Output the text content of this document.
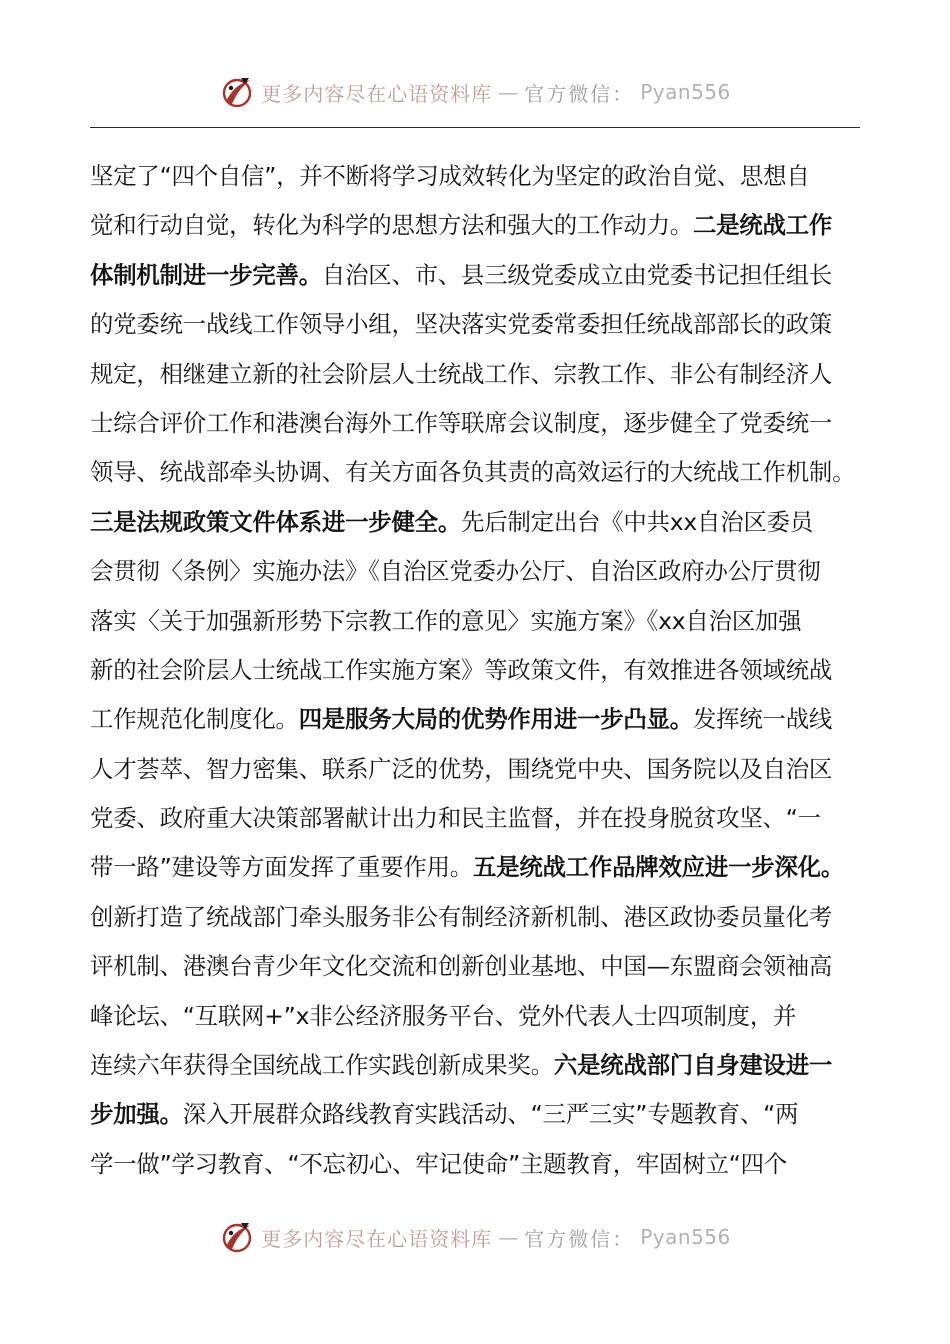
更多内容尽在心语资料库 — 官方微信： Pyan556
坚定了“四个自信”，并不断将学习成效转化为坚定的政治自觉、思想自
觉和行动自觉，转化为科学的思想方法和强大的工作动力。二是统战工作
体制机制进一步完善。自治区、市、县三级党委成立由党委书记担任组长
的党委统一战线工作领导小组，坚决落实党委常委担任统战部部长的政策
规定，相继建立新的社会阶层人士统战工作、宗教工作、非公有制经济人
士综合评价工作和港澳台海外工作等联席会议制度，逐步健全了党委统一
领导、统战部牵头协调、有关方面各负其责的高效运行的大统战工作机制。
三是法规政策文件体系进一步健全。先后制定出台《中共xx自治区委员
会贯彻〈条例〉实施办法》《自治区党委办公厅、自治区政府办公厅贯彻
落实〈关于加强新形势下宗教工作的意见〉实施方案》《xx自治区加强
新的社会阶层人士统战工作实施方案》等政策文件，有效推进各领域统战
工作规范化制度化。四是服务大局的优势作用进一步凸显。发挥统一战线
人才荟萃、智力密集、联系广泛的优势，围绕党中央、国务院以及自治区
党委、政府重大决策部署献计出力和民主监督，并在投身脱贫攻坚、“一
带一路”建设等方面发挥了重要作用。五是统战工作品牌效应进一步深化。
创新打造了统战部门牵头服务非公有制经济新机制、港区政协委员量化考
评机制、港澳台青少年文化交流和创新创业基地、中国—东盟商会领袖高
峰论坛、“互联网+”x非公经济服务平台、党外代表人士四项制度，并
连续六年获得全国统战工作实践创新成果奖。六是统战部门自身建设进一
步加强。深入开展群众路线教育实践活动、“三严三实”专题教育、“两
学一做”学习教育、“不忘初心、牢记使命”主题教育，牢固树立“四个
更多内容尽在心语资料库 — 官方微信： Pyan556
